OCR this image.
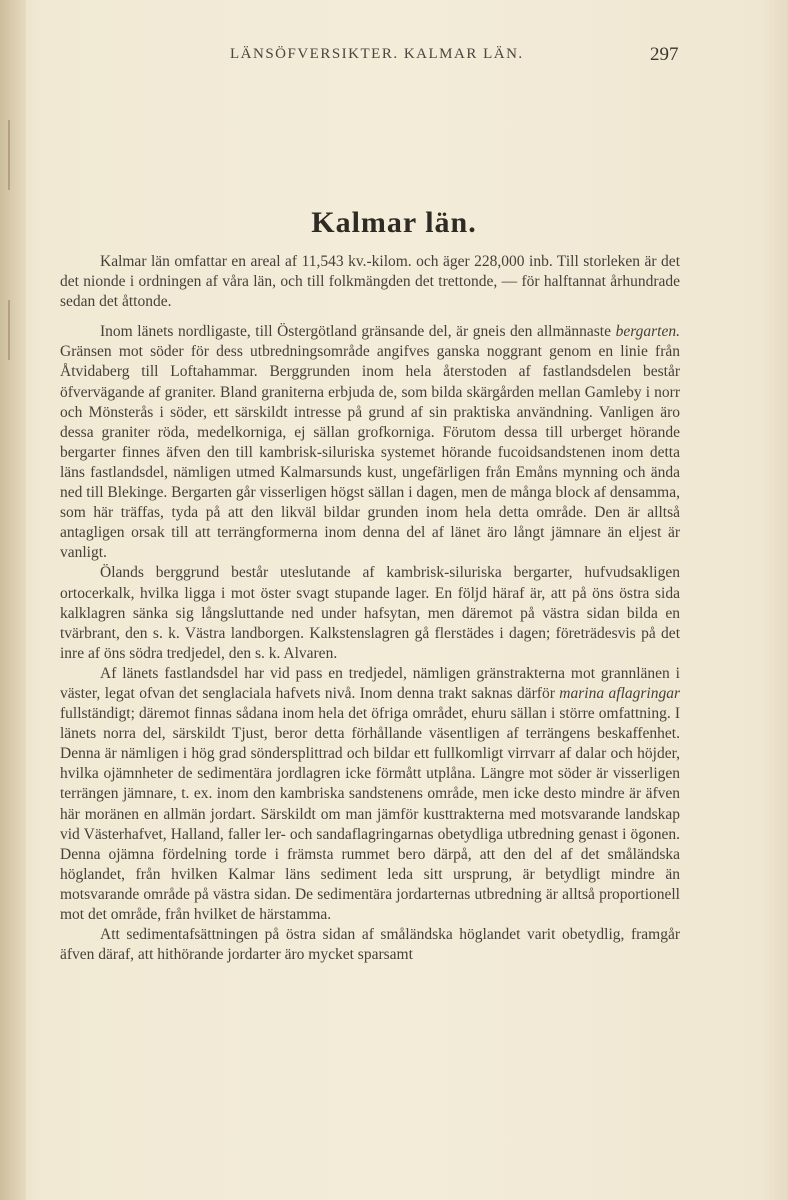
LÄNSÖFVERSIKTER. KALMAR LÄN.	297
Kalmar län.

Kalmar län omfattar en areal af 11,543 kv.-kilom. och äger 228,000 inb. Till storleken är det det nionde i ordningen af våra län, och till folkmängden det trettonde, — för halftannat århundrade sedan det åttonde.

Inom länets nordligaste, till Östergötland gränsande del, är gneis den allmännaste bergarten. Gränsen mot söder för dess utbredningsområde angifves ganska noggrant genom en linie från Åtvidaberg till Loftahammar. Berggrunden inom hela återstoden af fastlandsdelen består öfvervägande af graniter. Bland graniterna erbjuda de, som bilda skärgården mellan Gamleby i norr och Mönsterås i söder, ett särskildt intresse på grund af sin praktiska användning. Vanligen äro dessa graniter röda, medelkorniga, ej sällan grofkorniga. Förutom dessa till urberget hörande bergarter finnes äfven den till kambrisk-siluriska systemet hörande fucoidsandstenen inom detta läns fastlandsdel, nämligen utmed Kalmarsunds kust, ungefärligen från Emåns mynning och ända ned till Blekinge. Bergarten går visserligen högst sällan i dagen, men de många block af densamma, som här träffas, tyda på att den likväl bildar grunden inom hela detta område. Den är alltså antagligen orsak till att terrängformerna inom denna del af länet äro långt jämnare än eljest är vanligt.

Ölands berggrund består uteslutande af kambrisk-siluriska bergarter, hufvudsakligen ortocerkalk, hvilka ligga i mot öster svagt stupande lager. En följd häraf är, att på öns östra sida kalklagren sänka sig långsluttande ned under hafsytan, men däremot på västra sidan bilda en tvärbrant, den s. k. Västra landborgen. Kalkstenslagren gå flerstädes i dagen; företrädesvis på det inre af öns södra tredjedel, den s. k. Alvaren.

Af länets fastlandsdel har vid pass en tredjedel, nämligen gränstrakterna mot grannlänen i väster, legat ofvan det senglaciala hafvets nivå. Inom denna trakt saknas därför marina aflagringar fullständigt; däremot finnas sådana inom hela det öfriga området, ehuru sällan i större omfattning. I länets norra del, särskildt Tjust, beror detta förhållande väsentligen af terrängens beskaffenhet. Denna är nämligen i hög grad söndersplittrad och bildar ett fullkomligt virrvarr af dalar och höjder, hvilka ojämnheter de sedimentära jordlagren icke förmått utplåna. Längre mot söder är visserligen terrängen jämnare, t. ex. inom den kambriska sandstenens område, men icke desto mindre är äfven här moränen en allmän jordart. Särskildt om man jämför kusttrakterna med motsvarande landskap vid Västerhafvet, Halland, faller ler- och sandaflagringarnas obetydliga utbredning genast i ögonen. Denna ojämna fördelning torde i främsta rummet bero därpå, att den del af det småländska höglandet, från hvilken Kalmar läns sediment leda sitt ursprung, är betydligt mindre än motsvarande område på västra sidan. De sedimentära jordarternas utbredning är alltså proportionell mot det område, från hvilket de härstamma.

Att sedimentafsättningen på östra sidan af småländska höglandet varit obetydlig, framgår äfven däraf, att hithörande jordarter äro mycket sparsamt
